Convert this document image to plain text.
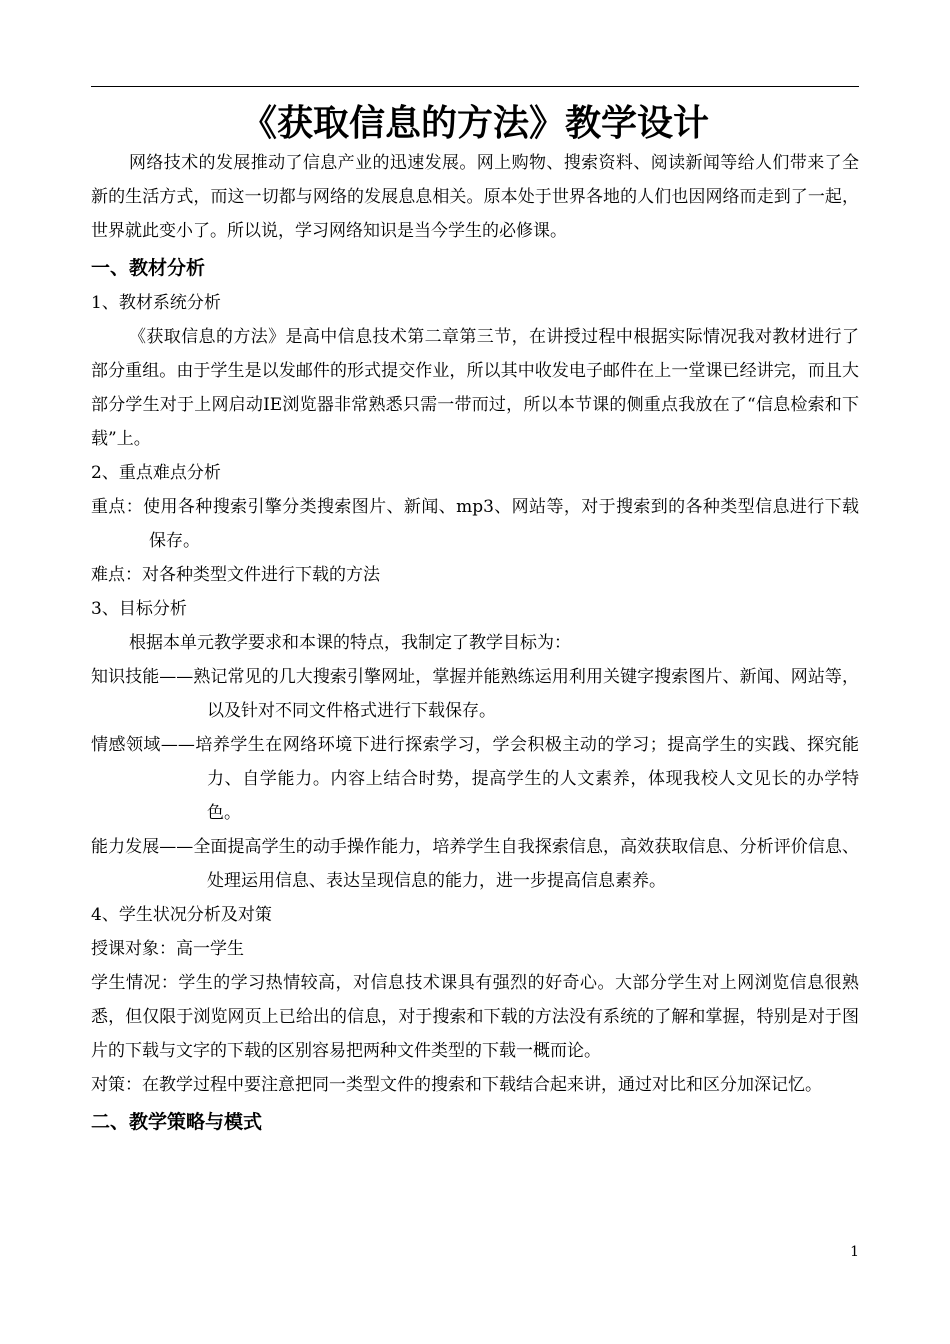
《获取信息的方法》教学设计

网络技术的发展推动了信息产业的迅速发展。网上购物、搜索资料、阅读新闻等给人们带来了全新的生活方式，而这一切都与网络的发展息息相关。原本处于世界各地的人们也因网络而走到了一起，世界就此变小了。所以说，学习网络知识是当今学生的必修课。

一、教材分析

1、教材系统分析

《获取信息的方法》是高中信息技术第二章第三节，在讲授过程中根据实际情况我对教材进行了部分重组。由于学生是以发邮件的形式提交作业，所以其中收发电子邮件在上一堂课已经讲完，而且大部分学生对于上网启动IE浏览器非常熟悉只需一带而过，所以本节课的侧重点我放在了“信息检索和下载”上。

2、重点难点分析

重点：使用各种搜索引擎分类搜索图片、新闻、mp3、网站等，对于搜索到的各种类型信息进行下载保存。

难点：对各种类型文件进行下载的方法

3、目标分析

根据本单元教学要求和本课的特点，我制定了教学目标为：

知识技能——熟记常见的几大搜索引擎网址，掌握并能熟练运用利用关键字搜索图片、新闻、网站等，以及针对不同文件格式进行下载保存。

情感领域——培养学生在网络环境下进行探索学习，学会积极主动的学习；提高学生的实践、探究能力、自学能力。内容上结合时势，提高学生的人文素养，体现我校人文见长的办学特色。

能力发展——全面提高学生的动手操作能力，培养学生自我探索信息，高效获取信息、分析评价信息、处理运用信息、表达呈现信息的能力，进一步提高信息素养。

4、学生状况分析及对策

授课对象：高一学生

学生情况：学生的学习热情较高，对信息技术课具有强烈的好奇心。大部分学生对上网浏览信息很熟悉，但仅限于浏览网页上已给出的信息，对于搜索和下载的方法没有系统的了解和掌握，特别是对于图片的下载与文字的下载的区别容易把两种文件类型的下载一概而论。

对策：在教学过程中要注意把同一类型文件的搜索和下载结合起来讲，通过对比和区分加深记忆。

二、教学策略与模式

1
